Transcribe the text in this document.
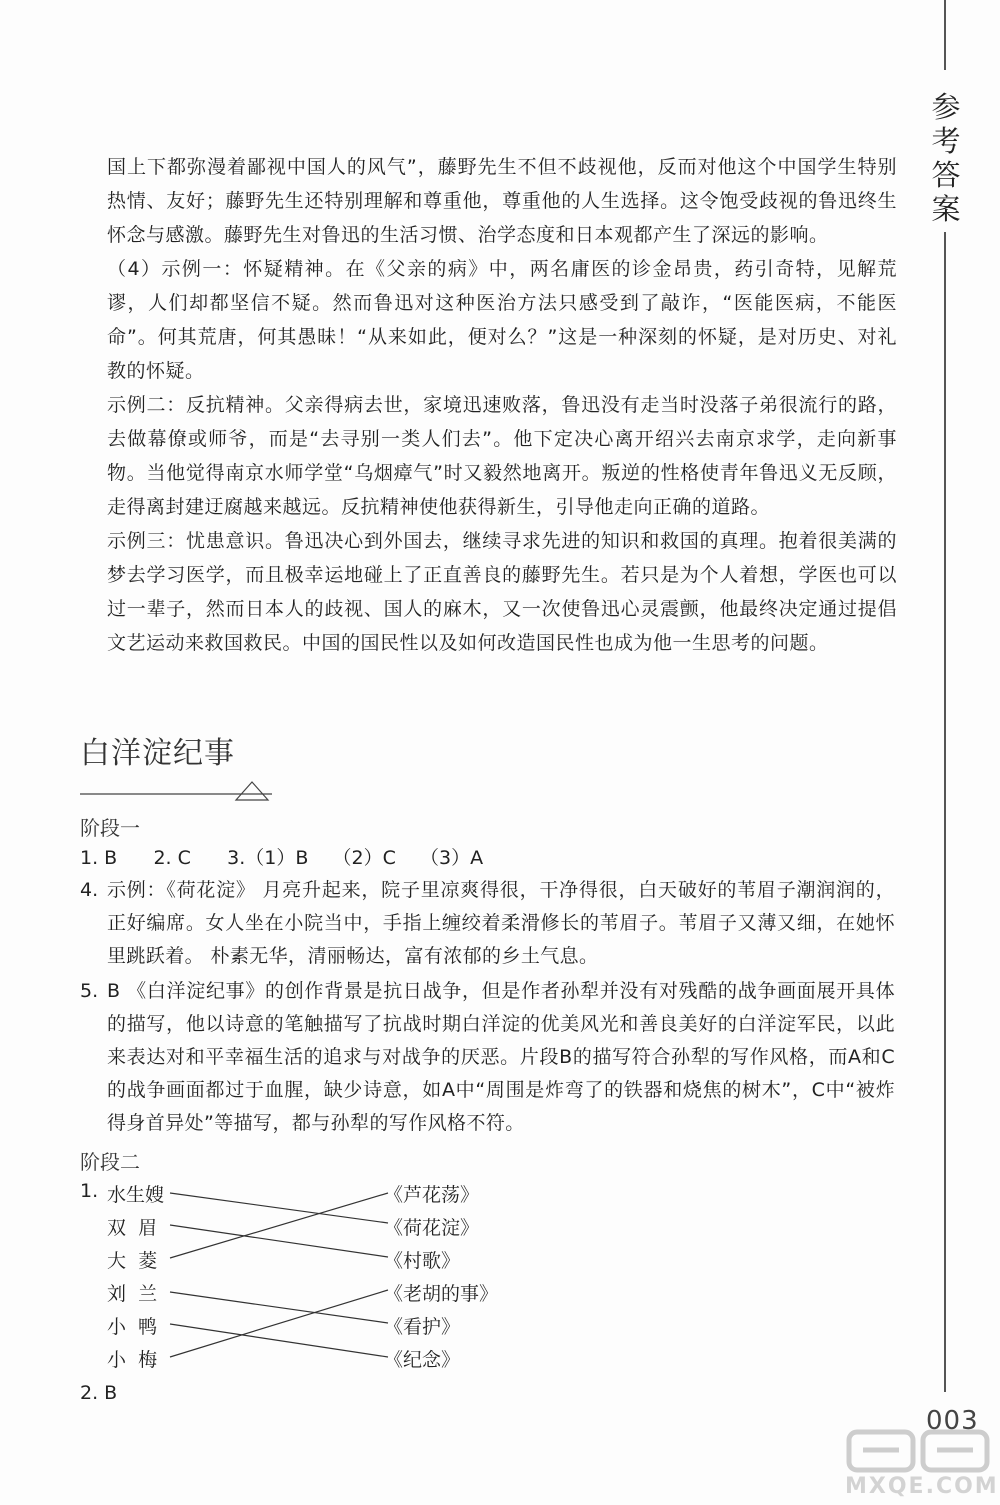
参
考
答
案

国上下都弥漫着鄙视中国人的风气”，藤野先生不但不歧视他，反而对他这个中国学生特别热情、友好；藤野先生还特别理解和尊重他，尊重他的人生选择。这令饱受歧视的鲁迅终生怀念与感激。藤野先生对鲁迅的生活习惯、治学态度和日本观都产生了深远的影响。

（4）示例一：怀疑精神。在《父亲的病》中，两名庸医的诊金昂贵，药引奇特，见解荒谬，人们却都坚信不疑。然而鲁迅对这种医治方法只感受到了敲诈，“医能医病，不能医命”。何其荒唐，何其愚昧！“从来如此，便对么？”这是一种深刻的怀疑，是对历史、对礼教的怀疑。

示例二：反抗精神。父亲得病去世，家境迅速败落，鲁迅没有走当时没落子弟很流行的路，去做幕僚或师爷，而是“去寻别一类人们去”。他下定决心离开绍兴去南京求学，走向新事物。当他觉得南京水师学堂“乌烟瘴气”时又毅然地离开。叛逆的性格使青年鲁迅义无反顾，走得离封建迂腐越来越远。反抗精神使他获得新生，引导他走向正确的道路。

示例三：忧患意识。鲁迅决心到外国去，继续寻求先进的知识和救国的真理。抱着很美满的梦去学习医学，而且极幸运地碰上了正直善良的藤野先生。若只是为个人着想，学医也可以过一辈子，然而日本人的歧视、国人的麻木，又一次使鲁迅心灵震颤，他最终决定通过提倡文艺运动来救国救民。中国的国民性以及如何改造国民性也成为他一生思考的问题。

白洋淀纪事
阶段一
1. B      2. C      3.（1）B    （2）C    （3）A
4. 示例：《荷花淀》 月亮升起来，院子里凉爽得很，干净得很，白天破好的苇眉子潮润润的，正好编席。女人坐在小院当中，手指上缠绞着柔滑修长的苇眉子。苇眉子又薄又细，在她怀里跳跃着。 朴素无华，清丽畅达，富有浓郁的乡土气息。
5. B 《白洋淀纪事》的创作背景是抗日战争，但是作者孙犁并没有对残酷的战争画面展开具体的描写，他以诗意的笔触描写了抗战时期白洋淀的优美风光和善良美好的白洋淀军民，以此来表达对和平幸福生活的追求与对战争的厌恶。片段B的描写符合孙犁的写作风格，而A和C的战争画面都过于血腥，缺少诗意，如A中“周围是炸弯了的铁器和烧焦的树木”，C中“被炸得身首异处”等描写，都与孙犁的写作风格不符。
阶段二
1. 水生嫂
双  眉
大  菱
刘  兰
小  鸭
小  梅
《芦花荡》
《荷花淀》
《村歌》
《老胡的事》
《看护》
《纪念》
2. B
003
MXQE.COM
